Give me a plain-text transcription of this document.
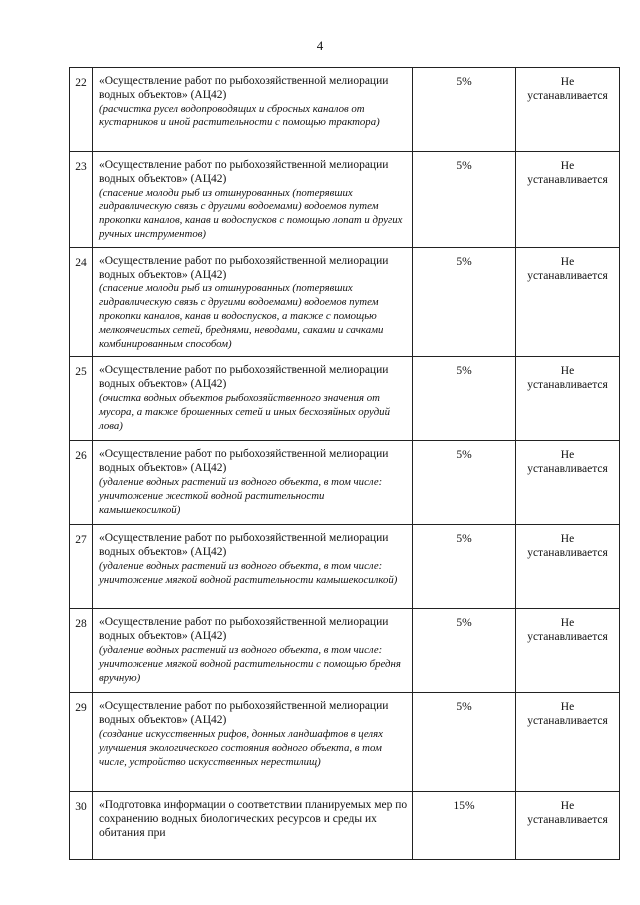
4
22	«Осуществление работ по рыбохозяйственной мелиорации водных объектов» (АЦ42)
(расчистка русел водопроводящих и сбросных каналов от кустарников и иной растительности с помощью трактора)	5%	Не
устанавливается

23	«Осуществление работ по рыбохозяйственной мелиорации водных объектов» (АЦ42)
(спасение молоди рыб из отшнурованных (потерявших гидравлическую связь с другими водоемами) водоемов путем прокопки каналов, канав и водоспусков с помощью лопат и других ручных инструментов)	5%	Не
устанавливается

24	«Осуществление работ по рыбохозяйственной мелиорации водных объектов» (АЦ42)
(спасение молоди рыб из отшнурованных (потерявших гидравлическую связь с другими водоемами) водоемов путем прокопки каналов, канав и водоспусков, а также с помощью мелкоячеистых сетей, бреднями, неводами, саками и сачками комбинированным способом)	5%	Не
устанавливается

25	«Осуществление работ по рыбохозяйственной мелиорации водных объектов» (АЦ42)
(очистка водных объектов рыбохозяйственного значения от мусора, а также брошенных сетей и иных бесхозяйных орудий лова)	5%	Не
устанавливается

26	«Осуществление работ по рыбохозяйственной мелиорации водных объектов» (АЦ42)
(удаление водных растений из водного объекта, в том числе: уничтожение жесткой водной растительности камышекосилкой)	5%	Не
устанавливается

27	«Осуществление работ по рыбохозяйственной мелиорации водных объектов» (АЦ42)
(удаление водных растений из водного объекта, в том числе: уничтожение мягкой водной растительности камышекосилкой)	5%	Не
устанавливается

28	«Осуществление работ по рыбохозяйственной мелиорации водных объектов» (АЦ42)
(удаление водных растений из водного объекта, в том числе: уничтожение мягкой водной растительности с помощью бредня вручную)	5%	Не
устанавливается

29	«Осуществление работ по рыбохозяйственной мелиорации водных объектов» (АЦ42)
(создание искусственных рифов, донных ландшафтов в целях улучшения экологического состояния водного объекта, в том числе, устройство искусственных нерестилищ)	5%	Не
устанавливается

30	«Подготовка информации о соответствии планируемых мер по сохранению водных биологических ресурсов и среды их обитания при	15%	Не
устанавливается
